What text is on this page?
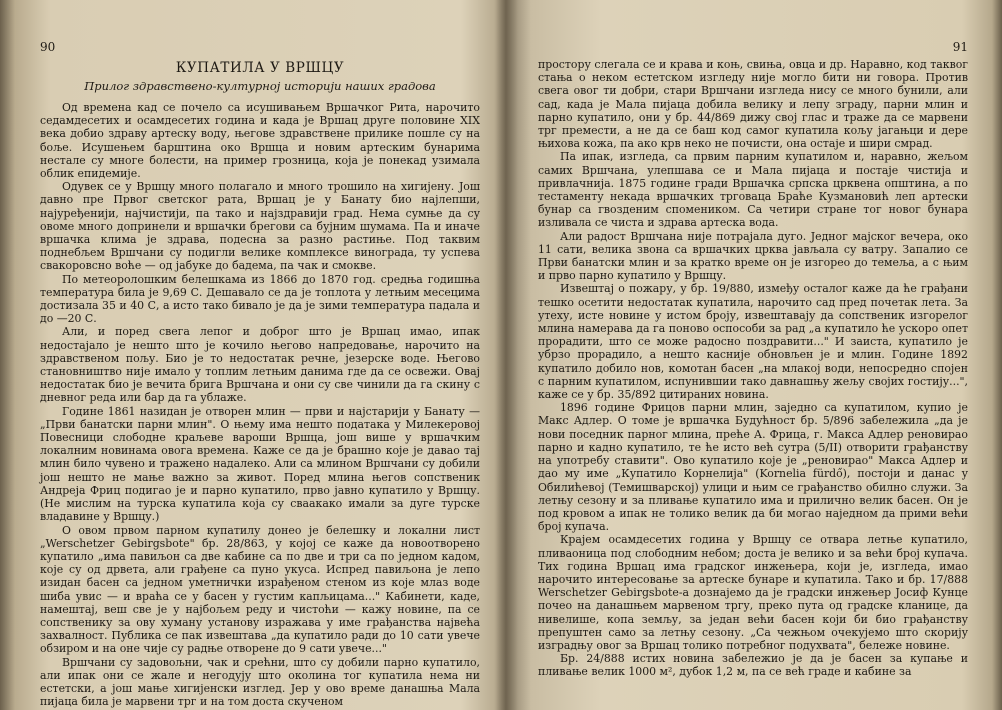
90
КУПАТИЛА У ВРШЦУ
Прилог здравствено-културној историји наших градова

Од времена кад се почело са исушивањем Вршачког Рита, нарочито седамдесетих и осамдесетих година и када је Вршац друге половине XIX века добио здраву артеску воду, његове здравствене прилике пошле су на боље. Исушењем барштина око Вршца и новим артеским бунарима нестале су многе болести, на пример грозница, која је понекад узимала облик епидемије.

Одувек се у Вршцу много полагало и много трошило на хигијену. Још давно пре Првог светског рата, Вршац је у Банату био најлепши, најуређенији, најчистији, па тако и најздравији град. Нема сумње да су овоме много допринели и вршачки брегови са бујним шумама. Па и иначе вршачка клима је здрава, подесна за разно растиње. Под таквим поднебљем Вршчани су подигли велике комплексе винограда, ту успева свакоровсно воће — од јабуке до бадема, па чак и смокве.

По метеоролошким белешкама из 1866 до 1870 год. средња годишња температура била је 9,69 С. Дешавало се да је топлота у летњим месецима достизала 35 и 40 С, а исто тако бивало је да је зими температура падала и до —20 С.

Али, и поред свега лепог и доброг што је Вршац имао, ипак недостајало је нешто што је кочило његово напредовање, нарочито на здравственом пољу. Био је то недостатак речне, језерске воде. Његово становништво није имало у топлим летњим данима где да се освежи. Овај недостатак био је вечита брига Вршчана и они су све чинили да га скину с дневног реда или бар да га ублаже.

Године 1861 назидан је отворен млин — први и најстарији у Банату — „Први банатски парни млин". О њему има нешто података у Милекеровој Повесници слободне краљеве вароши Вршца, још више у вршачким локалним новинама овога времена. Каже се да је брашно које је давао тај млин било чувено и тражено надалеко. Али са млином Вршчани су добили још нешто не мање важно за живот. Поред млина његов сопственик Андреја Фриц подигао је и парно купатило, прво јавно купатило у Вршцу. (Не мислим на турска купатила која су сваакако имали за дуге турске владавине у Вршцу.)

О овом првом парном купатилу донео је белешку и локални лист „Werschetzer Gebirgsbote" бр. 28/863, у којој се каже да новоотворено купатило „има павиљон са две кабине са по две и три са по једном кадом, које су од дрвета, али грађене са пуно укуса. Испред павиљона је лепо изидан басен са једном уметнички израђеном стеном из које млаз воде шиба увис — и враћа се у басен у густим капљицама..." Кабинети, каде, намештај, веш све је у најбољем реду и чистоћи — кажу новине, па се сопственику за ову хуману установу изражава у име грађанства највећа захвалност. Публика се пак извештава „да купатило ради до 10 сати увече обзиром и на оне чије су радње отворене до 9 сати увече..."

Вршчани су задовољни, чак и срећни, што су добили парно купатило, али ипак они се жале и негодују што околина тог купатила нема ни естетски, а још мање хигијенски изглед. Јер у ово време данашња Мала пијаца била је марвени трг и на том доста скученом

91

простору слегала се и крава и коњ, свиња, овца и др. Наравно, код таквог стања о неком естетском изгледу није могло бити ни говора. Против свега овог ти добри, стари Вршчани изгледа нису се много бунили, али сад, када је Мала пијаца добила велику и лепу зграду, парни млин и парно купатило, они у бр. 44/869 дижу свој глас и траже да се марвени трг премести, а не да се баш код самог купатила кољу јагањци и дере њихова кожа, па ако крв неко не почисти, она остаје и шири смрад.

Па ипак, изгледа, са првим парним купатилом и, наравно, жељом самих Вршчана, улепшава се и Мала пијаца и постаје чистија и привлачнија. 1875 године гради Вршачка српска црквена општина, а по тестаменту некада вршачких трговаца Браће Кузмановић леп артески бунар са гвозденим спомеником. Са четири стране тог новог бунара изливала се чиста и здрава артеска вода.

Али радост Вршчана није потрајала дуго. Једног мајског вечера, око 11 сати, велика звона са вршачких црква јављала су ватру. Запалио се Први банатски млин и за кратко време он је изгорео до темеља, а с њим и прво парно купатило у Вршцу.

Извештај о пожару, у бр. 19/880, између осталог каже да ће грађани тешко осетити недостатак купатила, нарочито сад пред почетак лета. За утеху, исте новине у истом броју, извештавају да сопственик изгорелог млина намерава да га поново оспособи за рад „а купатило ће ускоро опет прорадити, што се може радосно поздравити..." И заиста, купатило је убрзо прорадило, а нешто касније обновљен је и млин. Године 1892 купатило добило нов, комотан басен „на млакој води, непосредно спојен с парним купатилом, испунившии тако давнашњу жељу својих гостију...", каже се у бр. 35/892 цитираних новина.

1896 године Фрицов парни млин, заједно са купатилом, купио је Макс Адлер. О томе је вршачка Будућност бр. 5/896 забележила „да је нови поседник парног млина, преће А. Фрица, г. Макса Адлер реновирао парно и кадно купатило, те ће исто већ сутра (5/II) отворити грађанству на употребу ставити". Ово купатило које је „реновирао" Макса Адлер и дао му име „Купатило Корнелија" (Kornelia fürdő), постоји и данас у Обилићевој (Темишварској) улици и њим се грађанство обилно служи. За летњу сезону и за пливање купатило има и прилично велик басен. Он је под кровом а ипак не толико велик да би могао наједном да прими већи број купача.

Крајем осамдесетих година у Вршцу се отвара летње купатило, пливаоница под слободним небом; доста је велико и за већи број купача. Тих година Вршац има градског инжењера, који је, изгледа, имао нарочито интересовање за артеске бунаре и купатила. Тако и бр. 17/888 Werschetzer Gebirgsbote-а дознајемо да је градски инжењер Јосиф Кунце почео на данашњем марвеном тргу, преко пута од градске кланице, да нивелише, копа земљу, за један већи басен који би био грађанству препуштен само за летњу сезону. „Са чежњом очекујемо што скорију изградњу овог за Вршац толико потребног подухвата", бележе новине.

Бр. 24/888 истих новина забележио је да је басен за купање и пливање велик 1000 м², дубок 1,2 м, па се већ граде и кабине за
